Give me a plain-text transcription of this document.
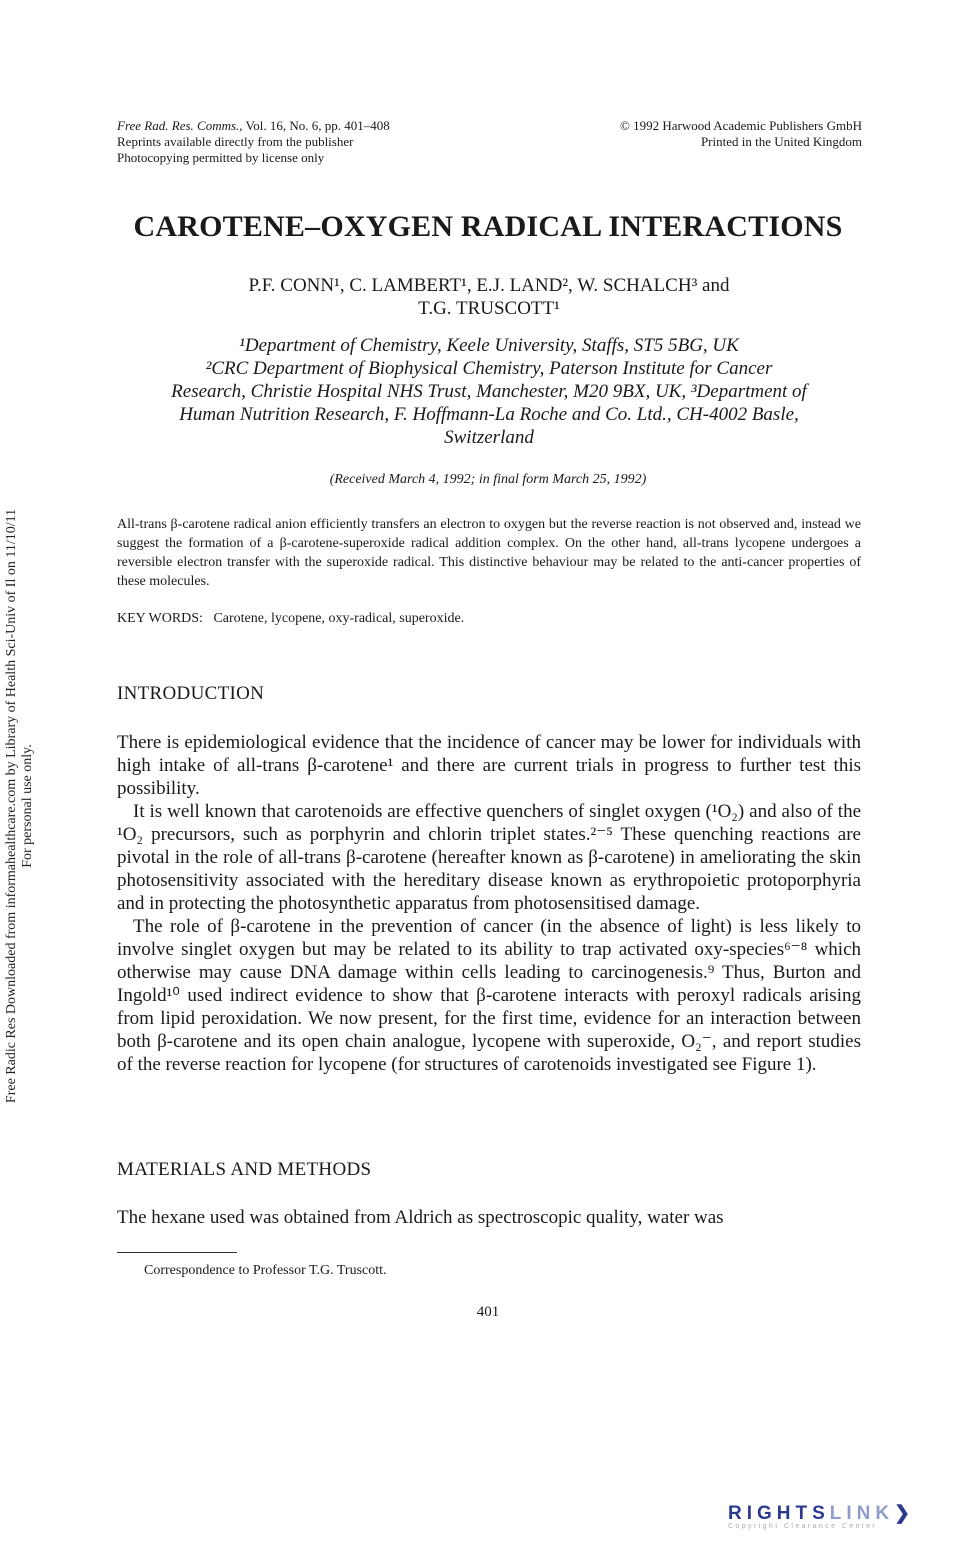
Free Rad. Res. Comms., Vol. 16, No. 6, pp. 401–408
Reprints available directly from the publisher
Photocopying permitted by license only
© 1992 Harwood Academic Publishers GmbH
Printed in the United Kingdom
CAROTENE–OXYGEN RADICAL INTERACTIONS
P.F. CONN¹, C. LAMBERT¹, E.J. LAND², W. SCHALCH³ and
T.G. TRUSCOTT¹
¹Department of Chemistry, Keele University, Staffs, ST5 5BG, UK
²CRC Department of Biophysical Chemistry, Paterson Institute for Cancer
Research, Christie Hospital NHS Trust, Manchester, M20 9BX, UK, ³Department of
Human Nutrition Research, F. Hoffmann-La Roche and Co. Ltd., CH-4002 Basle,
Switzerland
(Received March 4, 1992; in final form March 25, 1992)
All-trans β-carotene radical anion efficiently transfers an electron to oxygen but the reverse reaction is not observed and, instead we suggest the formation of a β-carotene-superoxide radical addition complex. On the other hand, all-trans lycopene undergoes a reversible electron transfer with the superoxide radical. This distinctive behaviour may be related to the anti-cancer properties of these molecules.
KEY WORDS: Carotene, lycopene, oxy-radical, superoxide.
INTRODUCTION

There is epidemiological evidence that the incidence of cancer may be lower for individuals with high intake of all-trans β-carotene¹ and there are current trials in progress to further test this possibility.

It is well known that carotenoids are effective quenchers of singlet oxygen (¹O₂) and also of the ¹O₂ precursors, such as porphyrin and chlorin triplet states.²⁻⁵ These quenching reactions are pivotal in the role of all-trans β-carotene (hereafter known as β-carotene) in ameliorating the skin photosensitivity associated with the hereditary disease known as erythropoietic protoporphyria and in protecting the photosynthetic apparatus from photosensitised damage.

The role of β-carotene in the prevention of cancer (in the absence of light) is less likely to involve singlet oxygen but may be related to its ability to trap activated oxy-species⁶⁻⁸ which otherwise may cause DNA damage within cells leading to carcinogenesis.⁹ Thus, Burton and Ingold¹⁰ used indirect evidence to show that β-carotene interacts with peroxyl radicals arising from lipid peroxidation. We now present, for the first time, evidence for an interaction between both β-carotene and its open chain analogue, lycopene with superoxide, O₂⁻, and report studies of the reverse reaction for lycopene (for structures of carotenoids investigated see Figure 1).

MATERIALS AND METHODS

The hexane used was obtained from Aldrich as spectroscopic quality, water was

Correspondence to Professor T.G. Truscott.
401
Free Radic Res Downloaded from informahealthcare.com by Library of Health Sci-Univ of Il on 11/10/11 For personal use only.
RIGHTSLINK❯
Copyright Clearance Center
